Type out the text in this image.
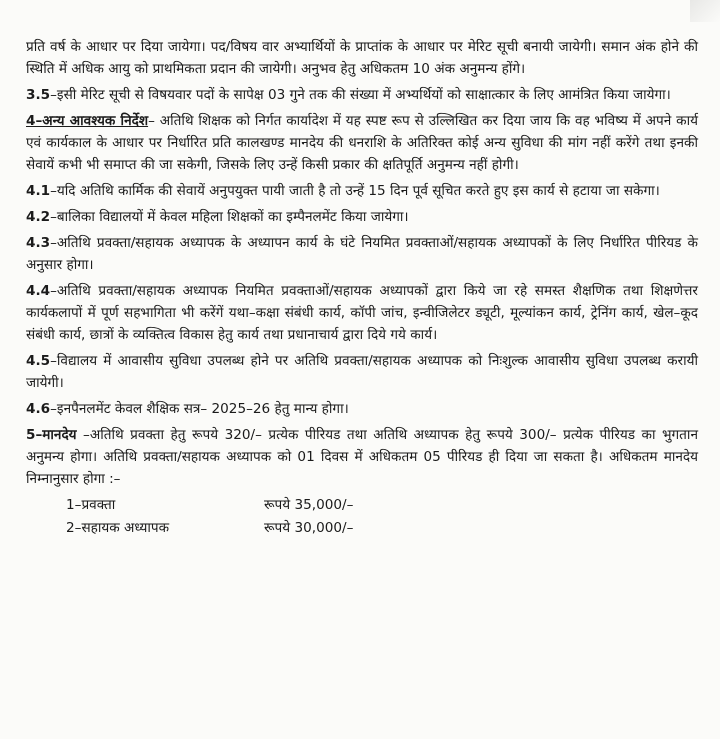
प्रति वर्ष के आधार पर दिया जायेगा। पद/विषय वार अभ्यार्थियों के प्राप्तांक के आधार पर मेरिट सूची बनायी जायेगी। समान अंक होने की स्थिति में अधिक आयु को प्राथमिकता प्रदान की जायेगी। अनुभव हेतु अधिकतम 10 अंक अनुमन्य होंगे।

3.5–इसी मेरिट सूची से विषयवार पदों के सापेक्ष 03 गुने तक की संख्या में अभ्यर्थियों को साक्षात्कार के लिए आमंत्रित किया जायेगा।

4–अन्य आवश्यक निर्देश– अतिथि शिक्षक को निर्गत कार्यादेश में यह स्पष्ट रूप से उल्लिखित कर दिया जाय कि वह भविष्य में अपने कार्य एवं कार्यकाल के आधार पर निर्धारित प्रति कालखण्ड मानदेय की धनराशि के अतिरिक्त कोई अन्य सुविधा की मांग नहीं करेंगे तथा इनकी सेवायें कभी भी समाप्त की जा सकेगी, जिसके लिए उन्हें किसी प्रकार की क्षतिपूर्ति अनुमन्य नहीं होगी।

4.1–यदि अतिथि कार्मिक की सेवायें अनुपयुक्त पायी जाती है तो उन्हें 15 दिन पूर्व सूचित करते हुए इस कार्य से हटाया जा सकेगा।

4.2–बालिका विद्यालयों में केवल महिला शिक्षकों का इम्पैनलमेंट किया जायेगा।

4.3–अतिथि प्रवक्ता/सहायक अध्यापक के अध्यापन कार्य के घंटे नियमित प्रवक्ताओं/सहायक अध्यापकों के लिए निर्धारित पीरियड के अनुसार होगा।

4.4–अतिथि प्रवक्ता/सहायक अध्यापक नियमित प्रवक्ताओं/सहायक अध्यापकों द्वारा किये जा रहे समस्त शैक्षणिक तथा शिक्षणेत्तर कार्यकलापों में पूर्ण सहभागिता भी करेंगें यथा–कक्षा संबंधी कार्य, कॉपी जांच, इन्वीजिलेटर ड्यूटी, मूल्यांकन कार्य, ट्रेनिंग कार्य, खेल–कूद संबंधी कार्य, छात्रों के व्यक्तित्व विकास हेतु कार्य तथा प्रधानाचार्य द्वारा दिये गये कार्य।

4.5–विद्यालय में आवासीय सुविधा उपलब्ध होने पर अतिथि प्रवक्ता/सहायक अध्यापक को निःशुल्क आवासीय सुविधा उपलब्ध करायी जायेगी।

4.6–इनपैनलमेंट केवल शैक्षिक सत्र– 2025–26 हेतु मान्य होगा।

5–मानदेय –अतिथि प्रवक्ता हेतु रूपये 320/– प्रत्येक पीरियड तथा अतिथि अध्यापक हेतु रूपये 300/– प्रत्येक पीरियड का भुगतान अनुमन्य होगा। अतिथि प्रवक्ता/सहायक अध्यापक को 01 दिवस में अधिकतम 05 पीरियड ही दिया जा सकता है। अधिकतम मानदेय निम्नानुसार होगा :–

1–प्रवक्ता	रूपये 35,000/–
2–सहायक अध्यापक	रूपये 30,000/–
